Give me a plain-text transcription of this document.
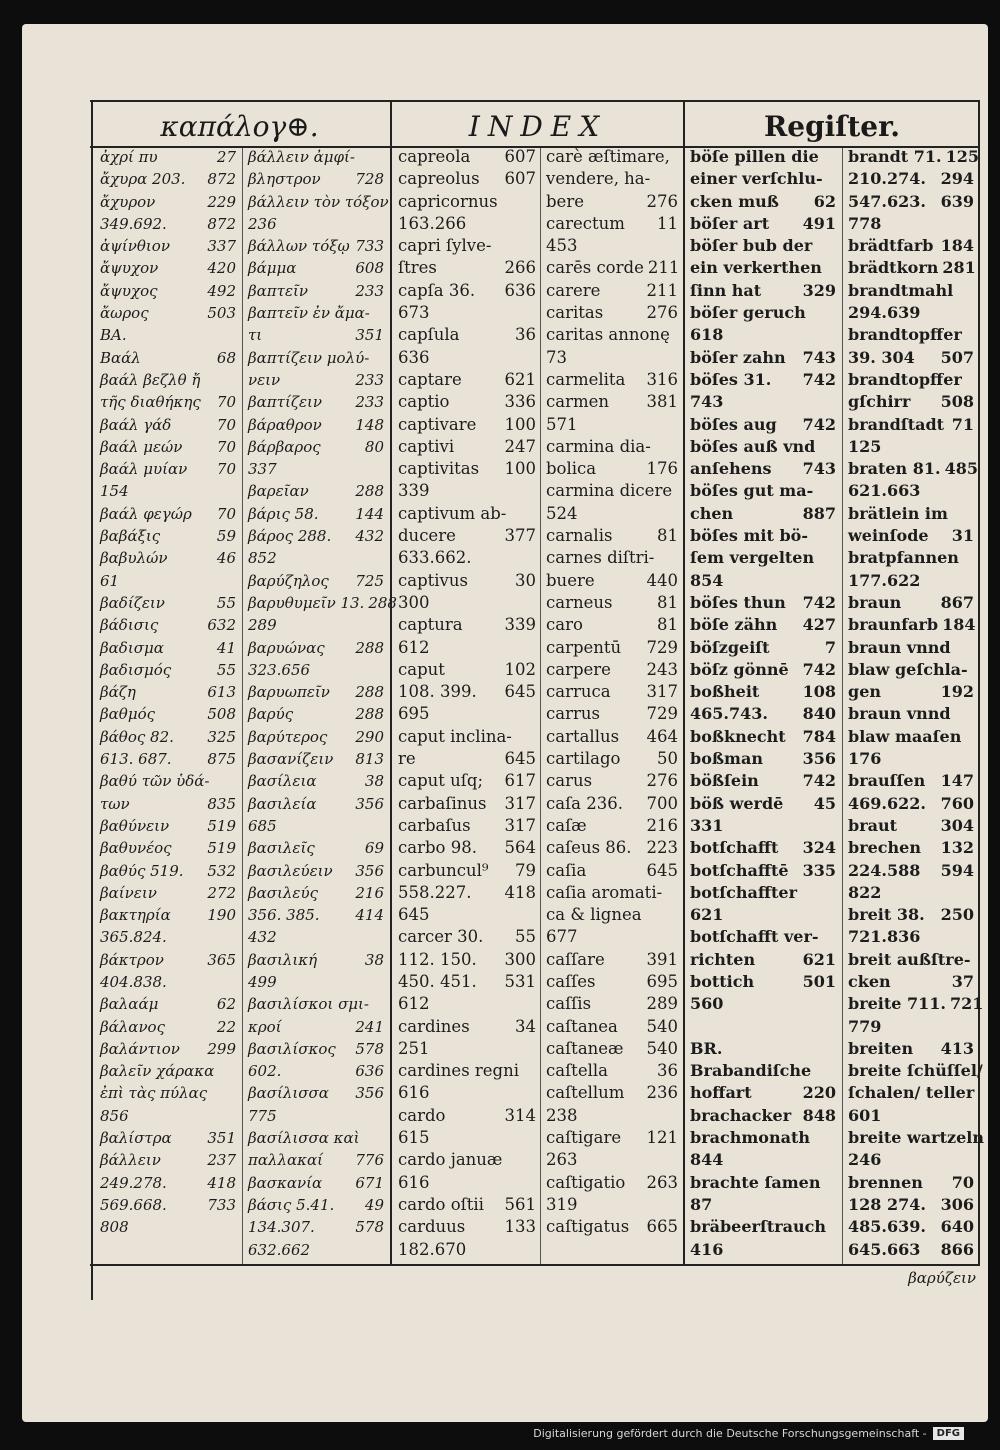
καπάλογ⊕.	INDEX	Regiſter.
ἀχρί πυ	27
ἄχυρα 203. 872
ἄχυρον	229
349.692.	872
ἀψίνθιον 337
ἄψυχον	420
ἄψυχος	492
ἄωρος	503
BA.
Βαάλ	68
βαάλ βεζλθ ἤ
τῆς διαθήκης 70
βαάλ γάδ	70
βαάλ μεών 70
βαάλ μυίαν 70
154
βαάλ φεγώρ 70
βαβάξις	59
βαβυλών	46
61
βαδίζειν	55
βάδισις	632
βαδισμα	41
βαδισμός	55
βάζη	613
βαθμός	508
βάθος 82. 325
613. 687. 875
βαθύ τῶν ὑδά-
των	835
βαθύνειν	519
βαθυνέος 519
βαθύς 519. 532
βαίνειν	272
βακτηρία 190
365.824.
βάκτρον	365
404.838.
βαλαάμ	62
βάλανος	22
βαλάντιον 299
βαλεῖν χάρακα
ἐπὶ τὰς πύλας
856
βαλίστρα 351
βάλλειν	237
249.278.	418
569.668.	733
808
βάλλειν ἀμφί-
βληστρον 728
βάλλειν τὸν τόξον
236
βάλλων τόξῳ 733
βάμμα	608
βαπτεῖν	233
βαπτεῖν ἐν ἄμα-
τι	351
βαπτίζειν μολύ-
νειν	233
βαπτίζειν 233
βάραθρον 148
βάρβαρος	80
337
βαρεῖαν	288
βάρις 58. 144
βάρος 288. 432
852
βαρύζηλος 725
βαρυθυμεῖν 13. 288
289
βαρυώνας 288
323.656
βαρυωπεῖν 288
βαρύς	288
βαρύτερος 290
βασανίζειν 813
βασίλεια	38
βασιλεία	356
685
βασιλεῖς	69
βασιλεύειν 356
βασιλεύς 216
356. 385. 414
432
βασιλική	38
499
βασιλίσκοι σμι-
κροί	241
βασιλίσκος 578
602.	636
βασίλισσα 356
775
βασίλισσα καὶ
παλλακαί 776
βασκανία 671
βάσις 5.41. 49
134.307.	578
632.662
capreola 607
capreolus 607
capricornus
163.266
capri ſylve-
ſtres	266
capſa 36. 636
673
capſula	36
636
captare	621
captio	336
captivare 100
captivi	247
captivitas 100
339
captivum ab-
ducere	377
633.662.
captivus	30
300
captura	339
612
caput	102
108. 399. 645
695
caput inclina-
re	645
caput uſq; 617
carbaſinus 317
carbaſus 317
carbo 98. 564
carbuncul⁹ 79
558.227. 418
645
carcer 30. 55
112. 150. 300
450. 451. 531
612
cardines	34
251
cardines regni
616
cardo	314
615
cardo januæ
616
cardo oſtii 561
carduus 133
182.670
carè æſtimare,
vendere, ha-
bere	276
carectum 11
453
carēs corde 211
carere	211
caritas	276
caritas annonę
73
carmelita 316
carmen 381
571
carmina dia-
bolica	176
carmina dicere
524
carnalis	81
carnes diſtri-
buere	440
carneus	81
caro	81
carpentū 729
carpere 243
carruca 317
carrus	729
cartallus 464
cartilago 50
carus	276
caſa 236. 700
caſæ	216
caſeus 86. 223
caſia	645
caſia aromati-
ca & lignea
677
caſſare	391
caſſes	695
caſſis	289
caſtanea 540
caſtaneæ 540
caſtella	36
caſtellum 236
238
caſtigare 121
263
caſtigatio 263
319
caſtigatus 665
böſe pillen die
einer verſchlu-
cken muß 62
böſer art 491
böſer bub der
ein verkerthen
ſinn hat	329
böſer geruch
618
böſer zahn 743
böſes 31. 742
743
böſes aug 742
böſes auß vnd
anſehens 743
böſes gut ma-
chen	887
böſes mit bö-
ſem vergelten
854
böſes thun 742
böſe zähn 427
böſzgeiſt	7
böſz gönnē 742
boßheit	108
465.743. 840
boßknecht 784
boßman 356
bößſein	742
böß werdē 45
331
botſchafft 324
botſchafftē 335
botſchaffter
621
botſchafft ver-
richten	621
bottich	501
560
BR.
Brabandiſche
hoffart	220
brachacker 848
brachmonath
844
brachte ſamen
87
bräbeerſtrauch
416
brandt 71. 125
210.274. 294
547.623. 639
778
brädtfarb 184
brädtkorn 281
brandtmahl
294.639
brandtopffer
39. 304 507
brandtopffer
gſchirr 508
brandſtadt 71
125
braten 81. 485
621.663
brätlein im
weinſode 31
bratpfannen
177.622
braun 867
braunfarb 184
braun vnnd
blaw geſchla-
gen	192
braun vnnd
blaw maaſen
176
brauſſen 147
469.622. 760
braut	304
brechen 132
224.588 594
822
breit 38. 250
721.836
breit außſtre-
cken	37
breite 711. 721
779
breiten 413
breite ſchüſſel/
ſchalen/ teller
601
breite wartzeln
246
brennen 70
128 274. 306
485.639. 640
645.663 866
βαρύζειν
Digitalisierung gefördert durch die Deutsche Forschungsgemeinschaft -	DFG
